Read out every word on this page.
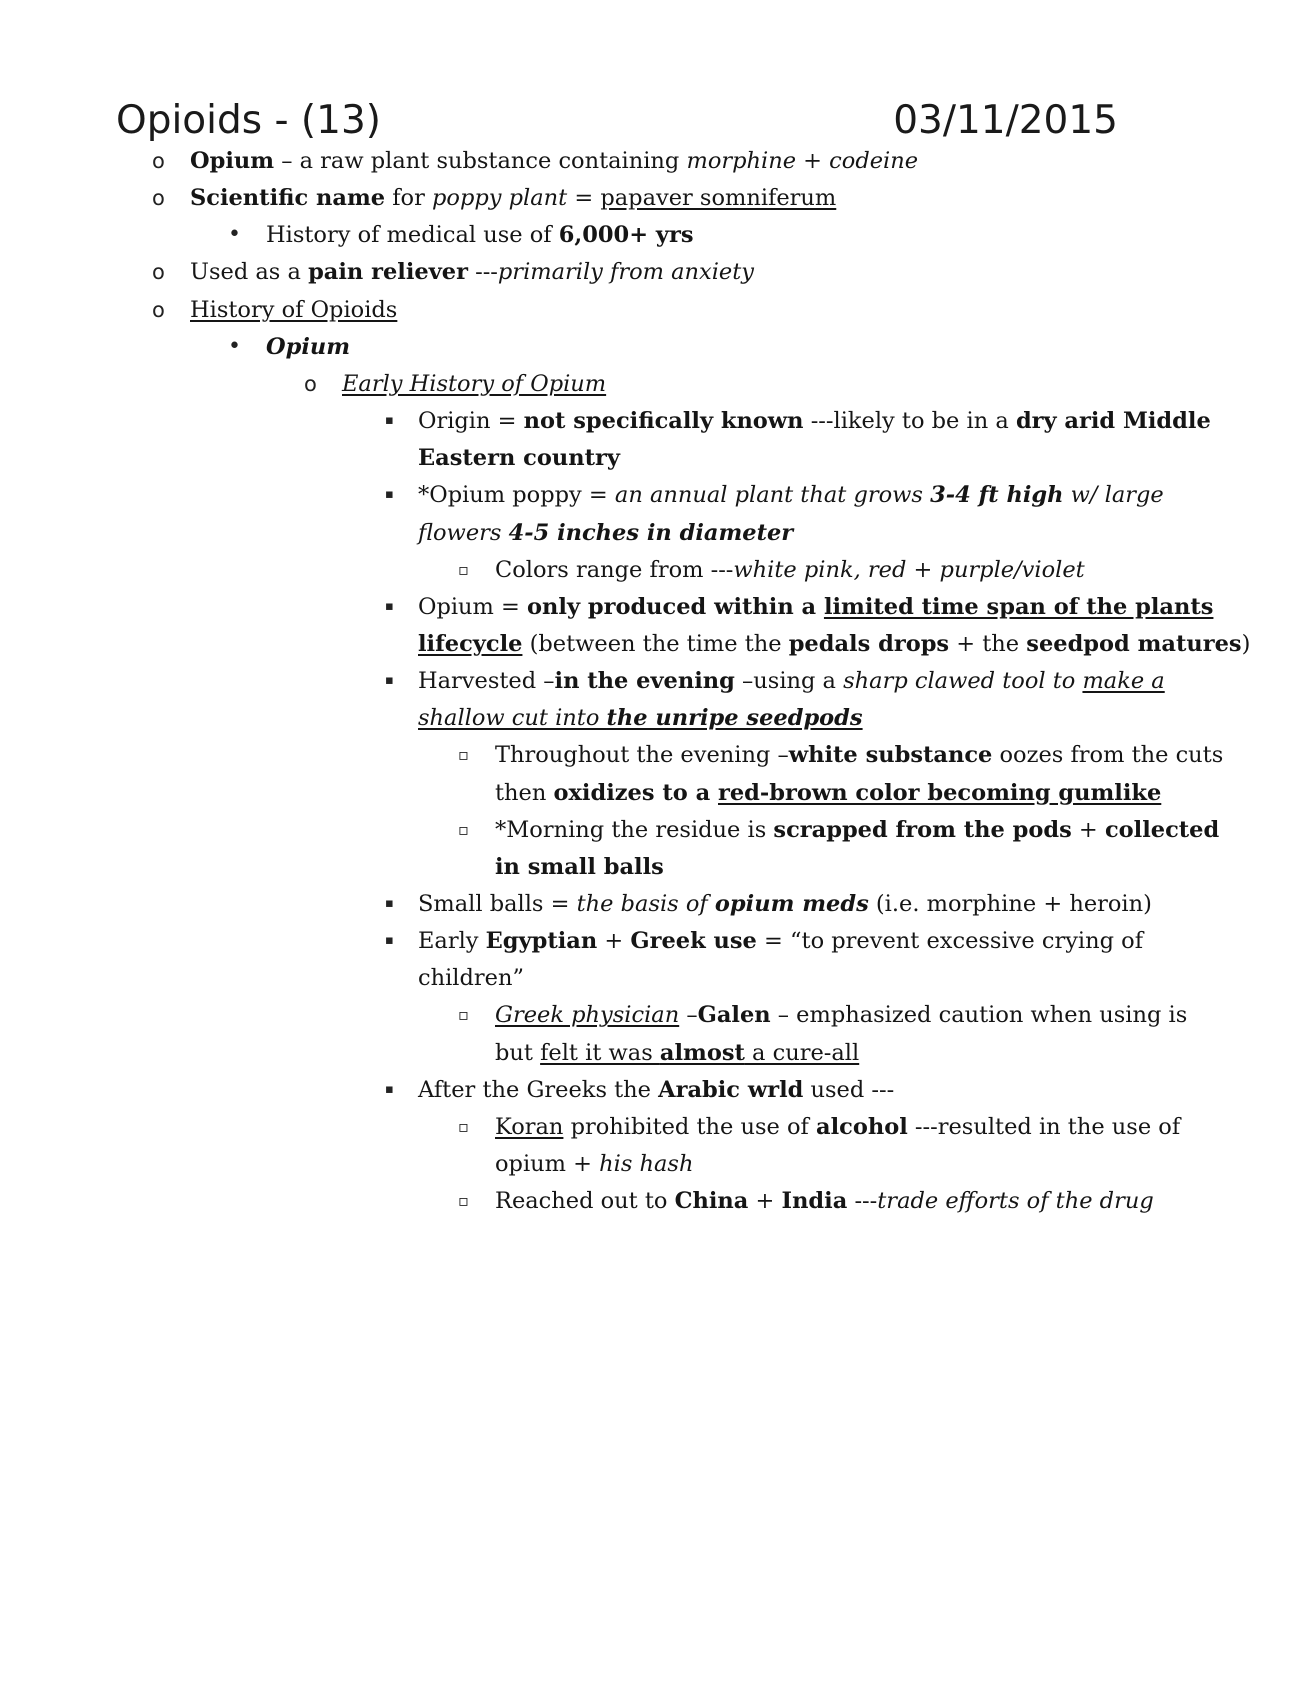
Opioids - (13)	03/11/2015
o Opium – a raw plant substance containing morphine + codeine
o Scientific name for poppy plant = papaver somniferum
• History of medical use of 6,000+ yrs
o Used as a pain reliever ---primarily from anxiety
o History of Opioids
• Opium
o Early History of Opium
▪ Origin = not specifically known ---likely to be in a dry arid Middle
Eastern country
▪ *Opium poppy = an annual plant that grows 3-4 ft high w/ large
flowers 4-5 inches in diameter
▫ Colors range from ---white pink, red + purple/violet
▪ Opium = only produced within a limited time span of the plants
lifecycle (between the time the pedals drops + the seedpod matures)
▪ Harvested –in the evening –using a sharp clawed tool to make a
shallow cut into the unripe seedpods
▫ Throughout the evening –white substance oozes from the cuts
then oxidizes to a red-brown color becoming gumlike
▫ *Morning the residue is scrapped from the pods + collected
in small balls
▪ Small balls = the basis of opium meds (i.e. morphine + heroin)
▪ Early Egyptian + Greek use = “to prevent excessive crying of
children”
▫ Greek physician –Galen – emphasized caution when using is
but felt it was almost a cure-all
▪ After the Greeks the Arabic wrld used ---
▫ Koran prohibited the use of alcohol ---resulted in the use of
opium + his hash
▫ Reached out to China + India ---trade efforts of the drug
